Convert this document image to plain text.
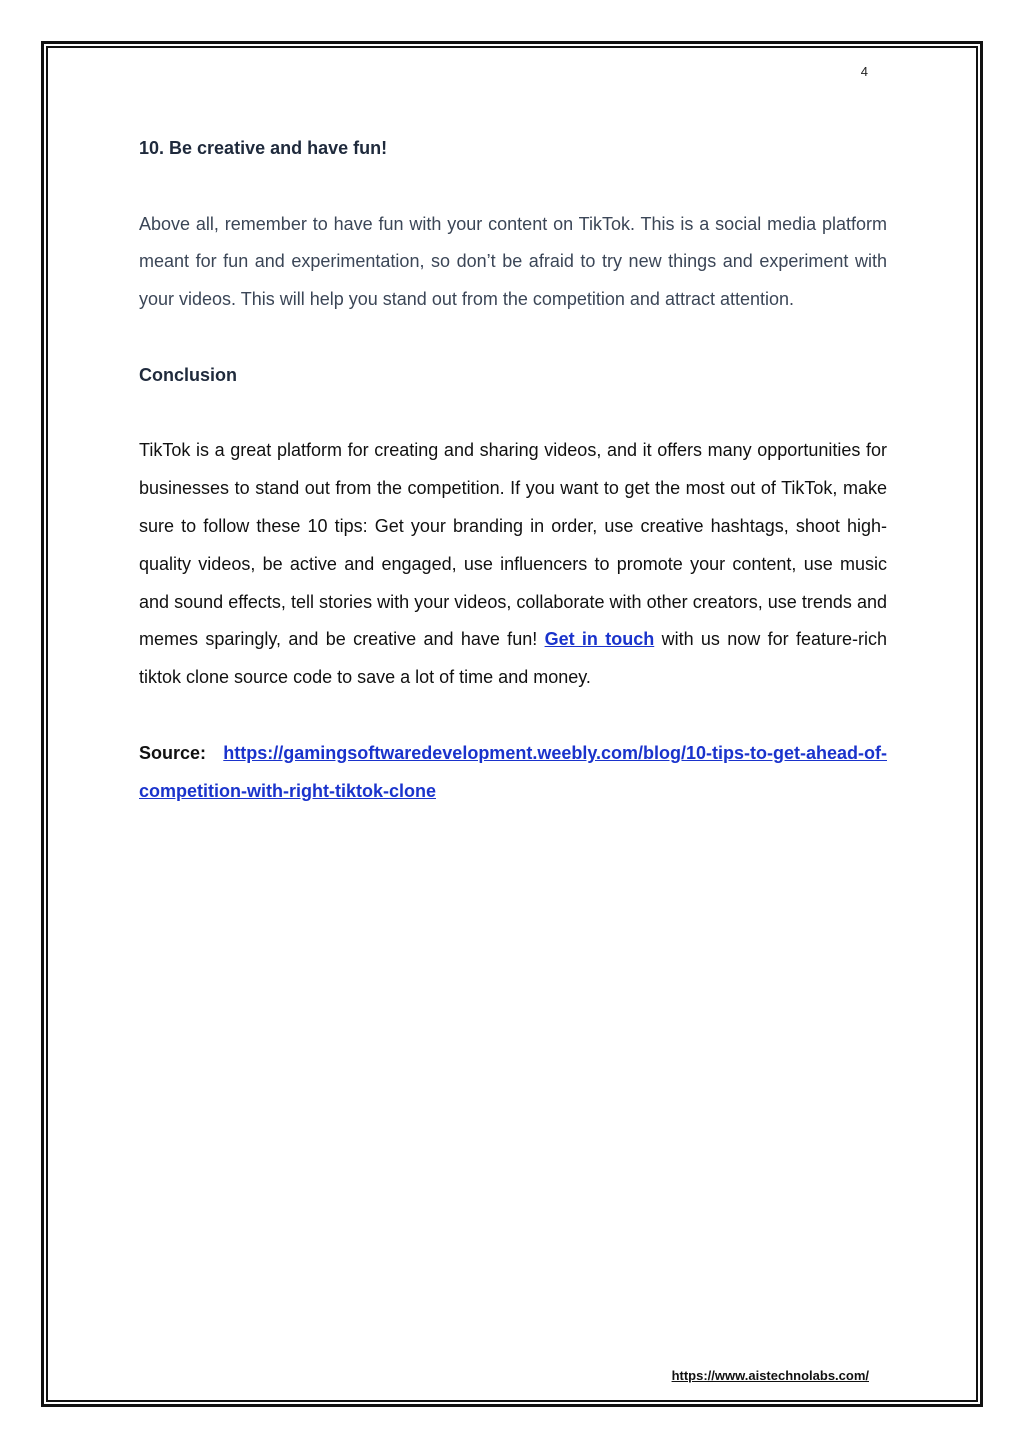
4

10. Be creative and have fun!

Above all, remember to have fun with your content on TikTok. This is a social media platform meant for fun and experimentation, so don’t be afraid to try new things and experiment with your videos. This will help you stand out from the competition and attract attention.

Conclusion

TikTok is a great platform for creating and sharing videos, and it offers many opportunities for businesses to stand out from the competition. If you want to get the most out of TikTok, make sure to follow these 10 tips: Get your branding in order, use creative hashtags, shoot high-quality videos, be active and engaged, use influencers to promote your content, use music and sound effects, tell stories with your videos, collaborate with other creators, use trends and memes sparingly, and be creative and have fun! Get in touch with us now for feature-rich tiktok clone source code to save a lot of time and money.

Source: https://gamingsoftwaredevelopment.weebly.com/blog/10-tips-to-get-ahead-of-competition-with-right-tiktok-clone

https://www.aistechnolabs.com/
